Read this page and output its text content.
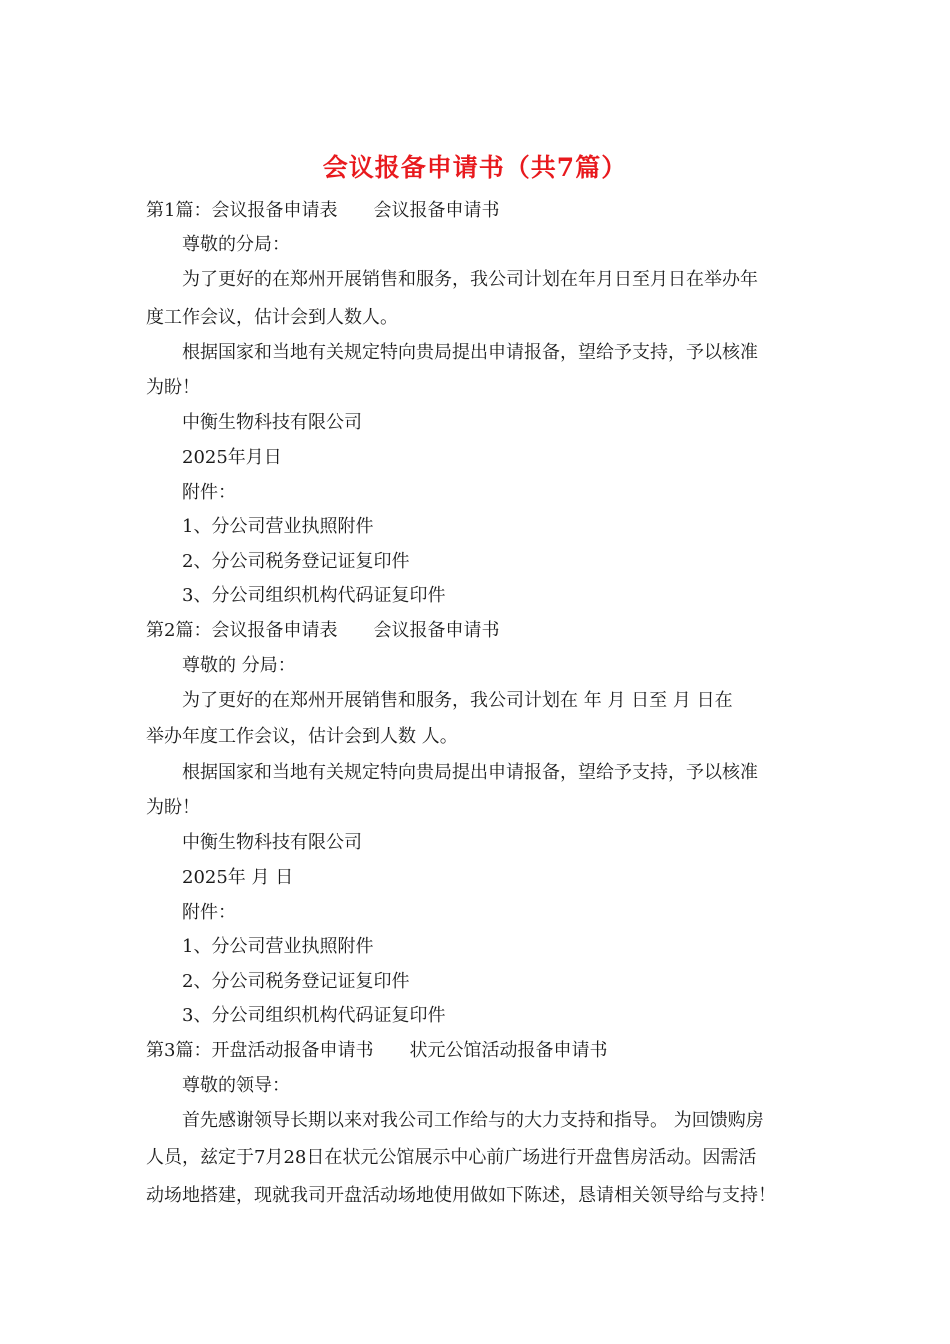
会议报备申请书（共7篇）
第1篇：会议报备申请表　　会议报备申请书
尊敬的分局：
为了更好的在郑州开展销售和服务，我公司计划在年月日至月日在举办年
度工作会议，估计会到人数人。
根据国家和当地有关规定特向贵局提出申请报备，望给予支持，予以核准
为盼！
中衡生物科技有限公司
2025年月日
附件：
1、分公司营业执照附件
2、分公司税务登记证复印件
3、分公司组织机构代码证复印件
第2篇：会议报备申请表　　会议报备申请书
尊敬的 分局：
为了更好的在郑州开展销售和服务，我公司计划在 年 月 日至 月 日在
举办年度工作会议，估计会到人数 人。
根据国家和当地有关规定特向贵局提出申请报备，望给予支持，予以核准
为盼！
中衡生物科技有限公司
2025年 月 日
附件：
1、分公司营业执照附件
2、分公司税务登记证复印件
3、分公司组织机构代码证复印件
第3篇：开盘活动报备申请书　　状元公馆活动报备申请书
尊敬的领导：
首先感谢领导长期以来对我公司工作给与的大力支持和指导。 为回馈购房
人员，兹定于7月28日在状元公馆展示中心前广场进行开盘售房活动。因需活
动场地搭建，现就我司开盘活动场地使用做如下陈述，恳请相关领导给与支持！
